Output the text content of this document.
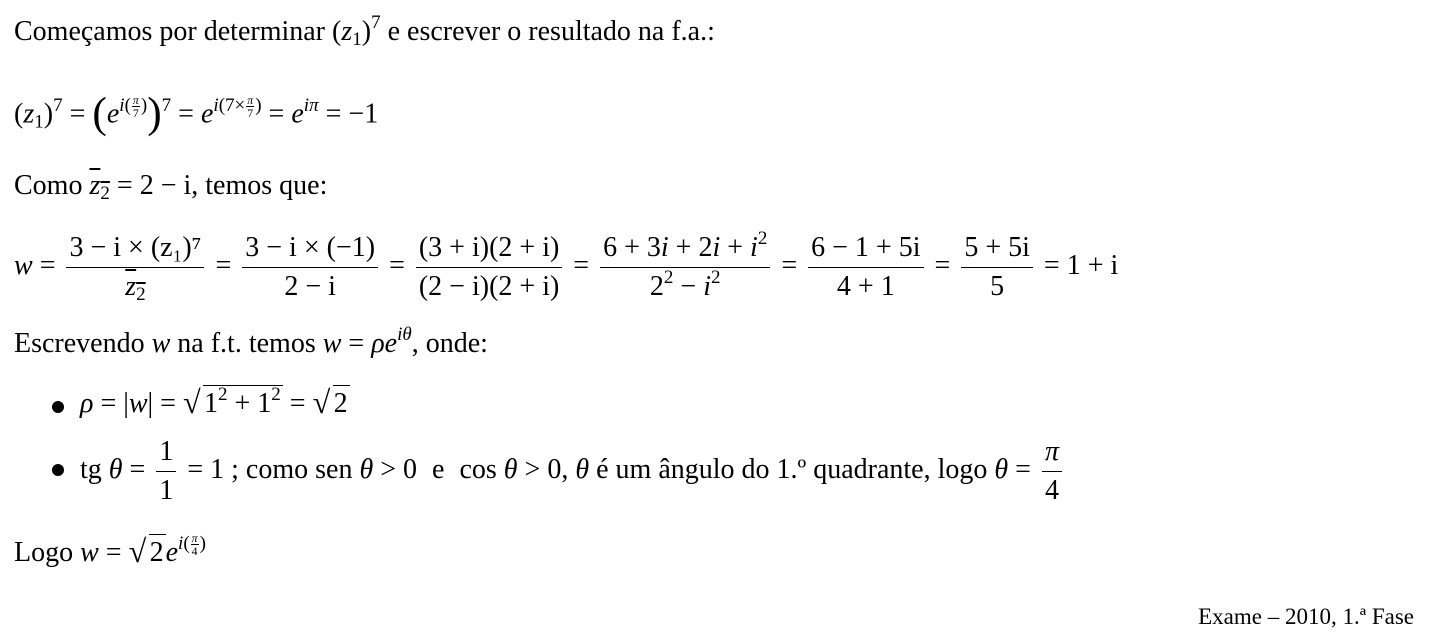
Começamos por determinar $(z_1)^7$ e escrever o resultado na f.a.:
$(z_1)^7 = (e^{i( \frac{\pi}{7} )})^7 = e^{i(7\times \frac{\pi}{7} )} = e^{i\pi} = -1$
Como $z_2 = 2 - i$, temos que:
$w = \frac{\text{3 − i × (z₁)⁷}}{z_2} = \frac{3 - i \times (-1)}{2 - i} = \frac{(3 + i)(2 + i)}{(2 - i)(2 + i)} = \frac{6 + 3i + 2i + i^2}{2^2 - i^2} = \frac{6 - 1 + 5i}{4 + 1} = \frac{5 + 5i}{5} = 1 + i$
Escrevendo w na f.t. temos $w = \rho e^{i\theta}$, onde:
ρ = |w| = √ $1^2 + 1^2$ = √ 2
tg $\theta = \frac{1}{1} = 1$ ; como sen θ > 0 e cos θ > 0, θ é um ângulo do 1.º quadrante, logo $\theta = \frac{\pi}{4}$
Logo w = √ $2e^{i( \frac{\pi}{4} )}$
Exame – 2010, 1.ª Fase
